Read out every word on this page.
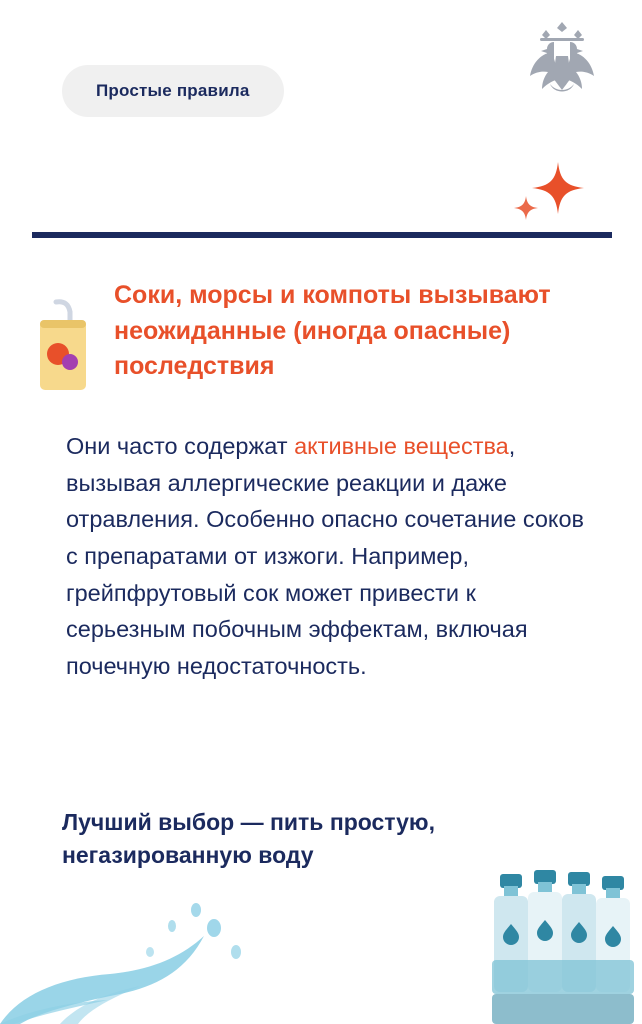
Простые правила
Соки, морсы и компоты вызывают неожиданные (иногда опасные) последствия
Они часто содержат активные вещества, вызывая аллергические реакции и даже отравления. Особенно опасно сочетание соков с препаратами от изжоги. Например, грейпфрутовый сок может привести к серьезным побочным эффектам, включая почечную недостаточность.
Лучший выбор — пить простую, негазированную воду
